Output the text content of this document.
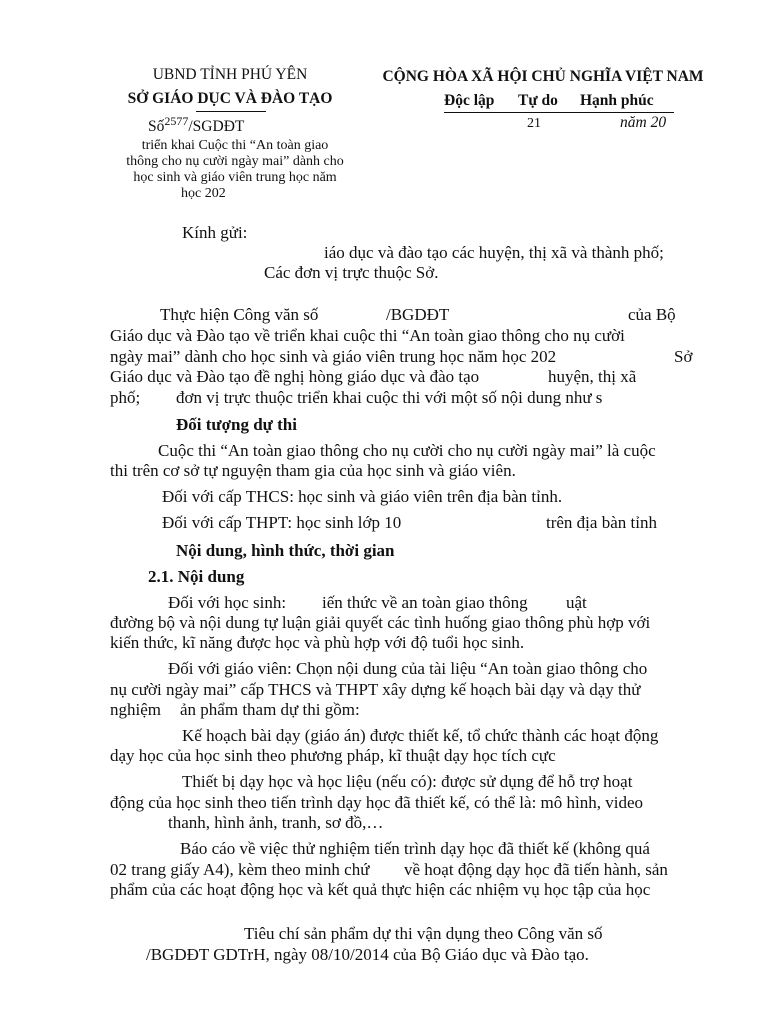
UBND TỈNH PHÚ YÊN
SỞ GIÁO DỤC VÀ ĐÀO TẠO
Số$^{2577}$/SGDĐT
triển khai Cuộc thi “An toàn giao
thông cho nụ cười ngày mai” dành cho
học sinh và giáo viên trung học năm
học 202
CỘNG HÒA XÃ HỘI CHỦ NGHĨA VIỆT NAM
Độc lập Tự do Hạnh phúc
21	năm 20
Kính gửi:
iáo dục và đào tạo các huyện, thị xã và thành phố;
Các đơn vị trực thuộc Sở.
Thực hiện Công văn số	/BGDĐT	của Bộ
Giáo dục và Đào tạo về triển khai cuộc thi “An toàn giao thông cho nụ cười
ngày mai” dành cho học sinh và giáo viên trung học năm học 202	Sở
Giáo dục và Đào tạo đề nghị hòng giáo dục và đào tạo	huyện, thị xã
phố; đơn vị trực thuộc triển khai cuộc thi với một số nội dung như s
Đối tượng dự thi
Cuộc thi “An toàn giao thông cho nụ cười cho nụ cười ngày mai” là cuộc
thi trên cơ sở tự nguyện tham gia của học sinh và giáo viên.
Đối với cấp THCS: học sinh và giáo viên trên địa bàn tỉnh.
Đối với cấp THPT: học sinh lớp 10	trên địa bàn tỉnh
Nội dung, hình thức, thời gian
2.1. Nội dung
Đối với học sinh: iến thức về an toàn giao thông uật
đường bộ và nội dung tự luận giải quyết các tình huống giao thông phù hợp với
kiến thức, kĩ năng được học và phù hợp với độ tuổi học sinh.
Đối với giáo viên: Chọn nội dung của tài liệu “An toàn giao thông cho
nụ cười ngày mai” cấp THCS và THPT xây dựng kế hoạch bài dạy và dạy thử
nghiệm ản phẩm tham dự thi gồm:
Kế hoạch bài dạy (giáo án) được thiết kế, tổ chức thành các hoạt động
dạy học của học sinh theo phương pháp, kĩ thuật dạy học tích cực
Thiết bị dạy học và học liệu (nếu có): được sử dụng để hỗ trợ hoạt
động của học sinh theo tiến trình dạy học đã thiết kế, có thể là: mô hình, video
thanh, hình ảnh, tranh, sơ đồ,…
Báo cáo về việc thử nghiệm tiến trình dạy học đã thiết kế (không quá
02 trang giấy A4), kèm theo minh chứ về hoạt động dạy học đã tiến hành, sản
phẩm của các hoạt động học và kết quả thực hiện các nhiệm vụ học tập của học
Tiêu chí sản phẩm dự thi vận dụng theo Công văn số
/BGDĐT GDTrH, ngày 08/10/2014 của Bộ Giáo dục và Đào tạo.
